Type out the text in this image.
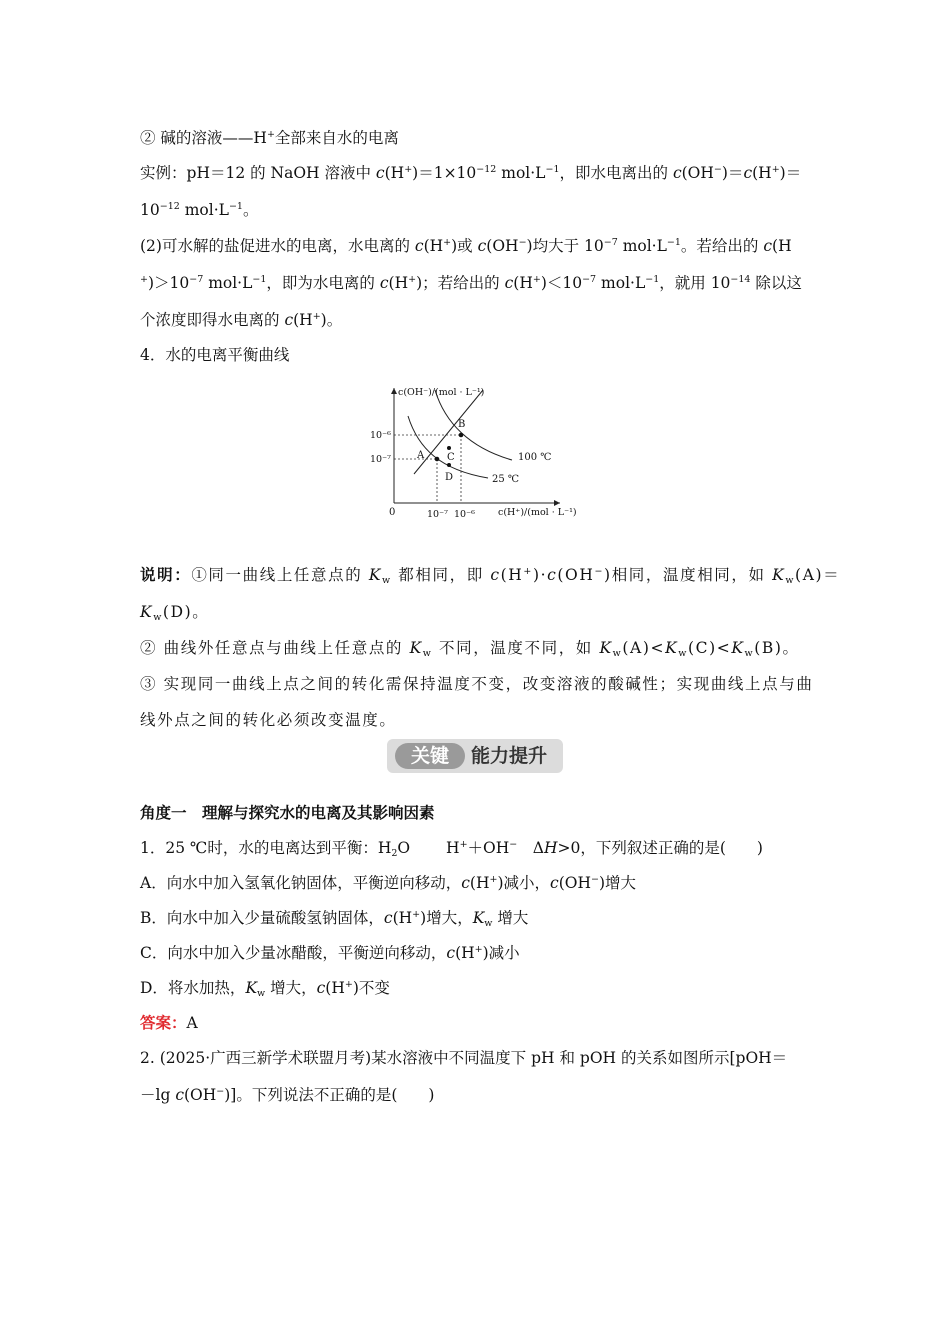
② 碱的溶液——H+全部来自水的电离
实例：pH＝12 的 NaOH 溶液中 $c(H^+)=1\times 10^{-12}$ $mol\cdot L^{-1}$，即水电离出的 c(OH−)＝c(H+)＝
$10^{-12}$ $mol\cdot L^{-1}$。
(2)可水解的盐促进水的电离，水电离的 c(H+)或 c(OH−)均大于 $10^{-7}$ $mol\cdot L^{-1}$。若给出的 c(H
$^+)>10^{-7}$ $mol\cdot L^{-1}$，即为水电离的 c(H+)；若给出的 $c(H^+)<10^{-7}$ $mol\cdot L^{-1}$，就用 $10^{-14}$ 除以这
个浓度即得水电离的 c(H+)。
4．水的电离平衡曲线
c(OH⁻)/(mol · L⁻¹)
c(H⁺)/(mol · L⁻¹)
0
10⁻⁶
10⁻⁷
10⁻⁷ 10⁻⁶
A
B
C
D
100 ℃
25 ℃
说明：①同一曲线上任意点的 $K_w$ 都相同，即 c(H+)·c(OH−)相同，温度相同，如 $K_w(A)=$
$K_w(D)$。
② 曲线外任意点与曲线上任意点的 $K_w$ 不同，温度不同，如 $K_w(A)<K_w(C)<K_w(B)$。
③ 实现同一曲线上点之间的转化需保持温度不变，改变溶液的酸碱性；实现曲线上点与曲
线外点之间的转化必须改变温度。
关键	能力提升
角度一　理解与探究水的电离及其影响因素
1．25 ℃时，水的电离达到平衡：$H_2O$　　 H+＋OH−　ΔH>0，下列叙述正确的是(　　)
A．向水中加入氢氧化钠固体，平衡逆向移动，c(H+)减小，c(OH−)增大
B．向水中加入少量硫酸氢钠固体，c(H+)增大，$K_w$ 增大
C．向水中加入少量冰醋酸，平衡逆向移动，c(H+)减小
D．将水加热，$K_w$ 增大，c(H+)不变
答案：A
2. (2025·广西三新学术联盟月考)某水溶液中不同温度下 pH 和 pOH 的关系如图所示[pOH＝
－lg c(OH−)]。下列说法不正确的是(　　)
